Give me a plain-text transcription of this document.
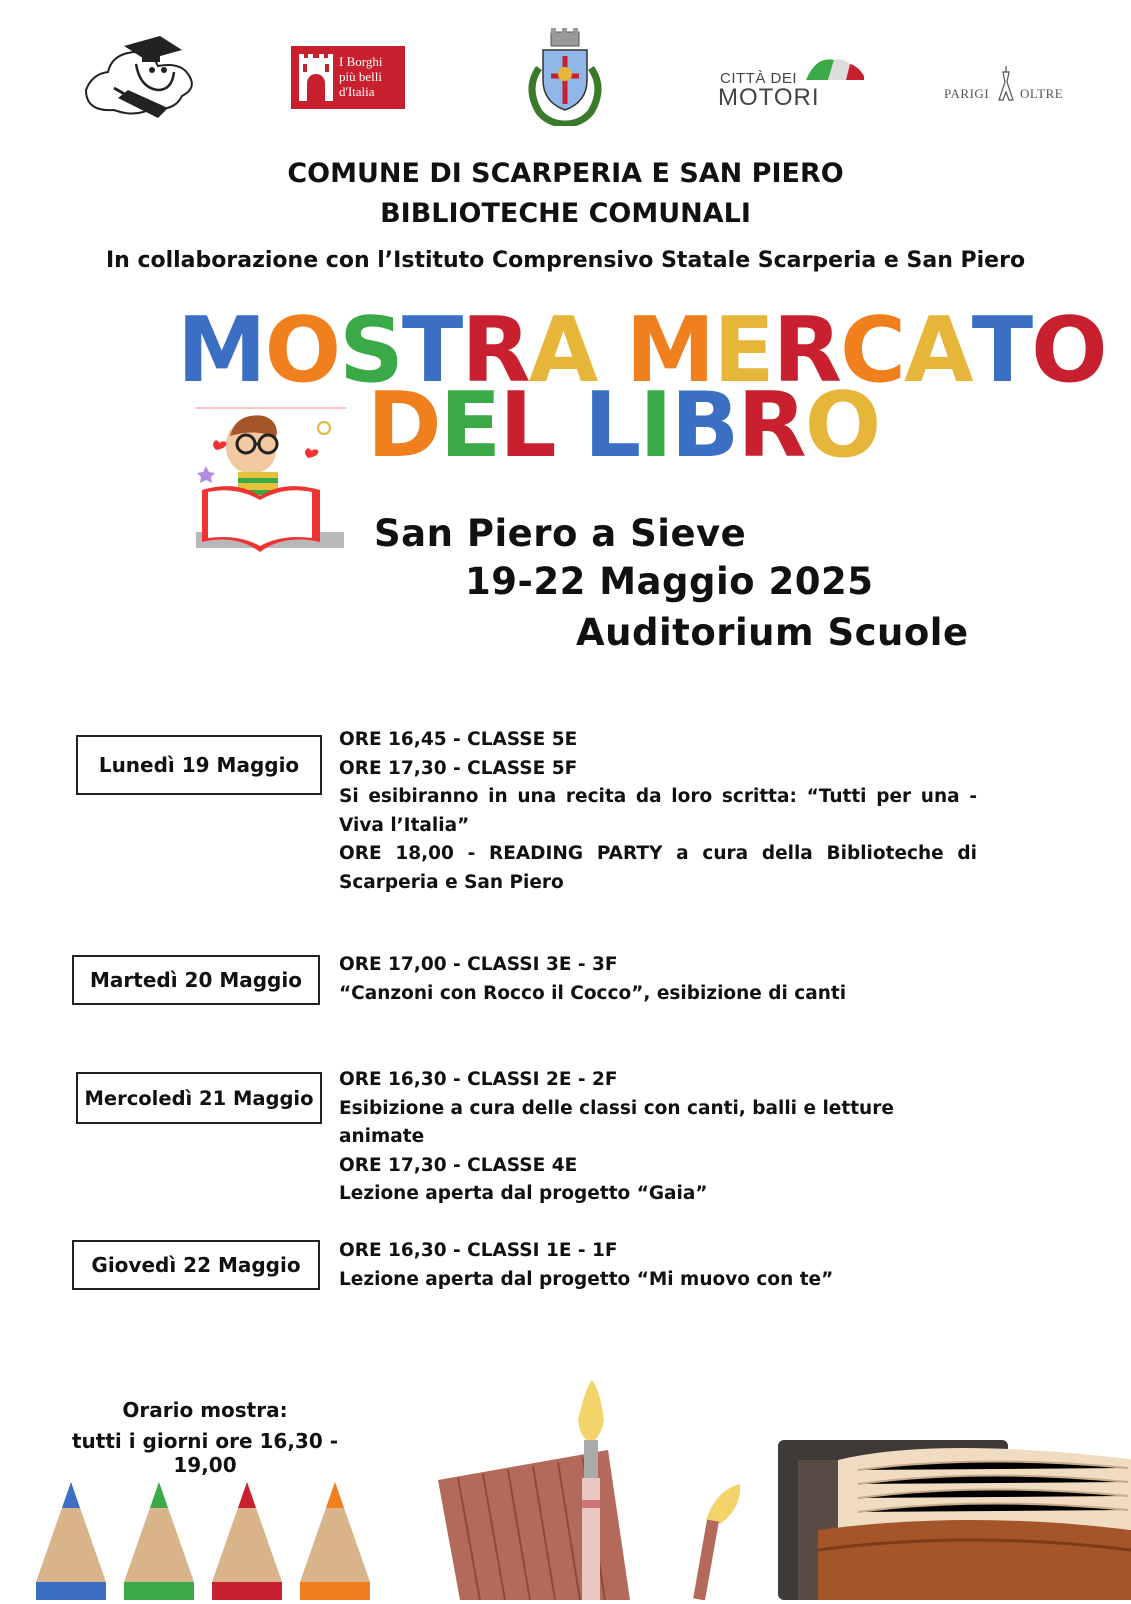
I Borghi
più belli
d'Italia
CITTÀ DEI
MOTORI	PARIGI OLTRE
COMUNE DI SCARPERIA E SAN PIERO
BIBLIOTECHE COMUNALI
In collaborazione con l’Istituto Comprensivo Statale Scarperia e San Piero
MOSTRA MERCATO
DEL LIBRO
San Piero a Sieve
19-22 Maggio 2025
Auditorium Scuole
Lunedì 19 Maggio
ORE 16,45 - CLASSE 5E
ORE 17,30 - CLASSE 5F
Si esibiranno in una recita da loro scritta: “Tutti per una -
Viva l’Italia”
ORE 18,00 - READING PARTY a cura della Biblioteche di
Scarperia e San Piero
Martedì 20 Maggio
ORE 17,00 - CLASSI 3E - 3F
“Canzoni con Rocco il Cocco”, esibizione di canti
Mercoledì 21 Maggio
ORE 16,30 - CLASSI 2E - 2F
Esibizione a cura delle classi con canti, balli e letture animate
ORE 17,30 - CLASSE 4E
Lezione aperta dal progetto “Gaia”
Giovedì 22 Maggio
ORE 16,30 - CLASSI 1E - 1F
Lezione aperta dal progetto “Mi muovo con te”
Orario mostra:
tutti i giorni ore 16,30 - 19,00
